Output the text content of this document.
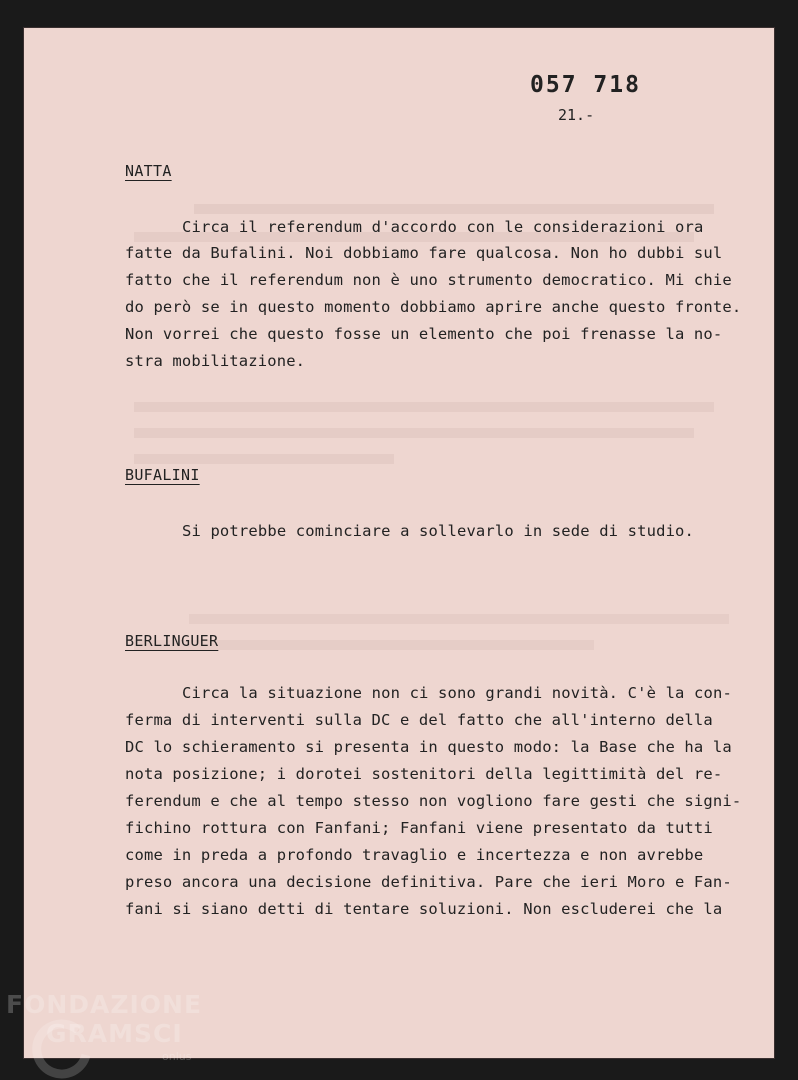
057 718
21.-
NATTA
Circa il referendum d'accordo con le considerazioni ora
fatte da Bufalini. Noi dobbiamo fare qualcosa. Non ho dubbi sul
fatto che il referendum non è uno strumento democratico. Mi chie
do però se in questo momento dobbiamo aprire anche questo fronte.
Non vorrei che questo fosse un elemento che poi frenasse la no-
stra mobilitazione.
BUFALINI
Si potrebbe cominciare a sollevarlo in sede di studio.
BERLINGUER
Circa la situazione non ci sono grandi novità. C'è la con-
ferma di interventi sulla DC e del fatto che all'interno della
DC lo schieramento si presenta in questo modo: la Base che ha la
nota posizione; i dorotei sostenitori della legittimità del re-
ferendum e che al tempo stesso non vogliono fare gesti che signi-
fichino rottura con Fanfani; Fanfani viene presentato da tutti
come in preda a profondo travaglio e incertezza e non avrebbe
preso ancora una decisione definitiva. Pare che ieri Moro e Fan-
fani si siano detti di tentare soluzioni. Non escluderei che la
FONDAZIONE
GRAMSCI
onlus
